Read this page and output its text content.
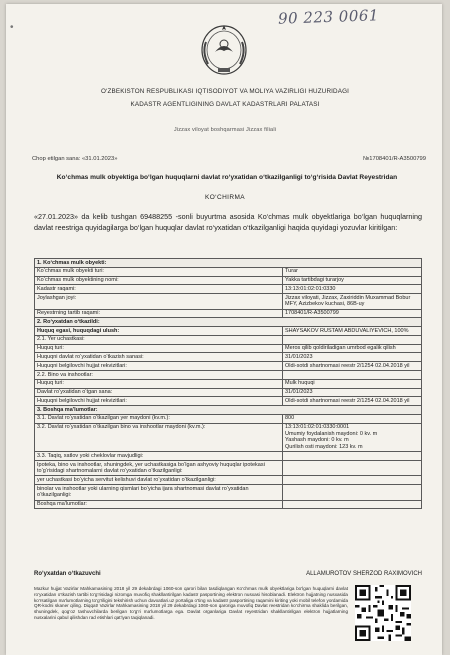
90 223 0061
•
O‘ZBEKISTON RESPUBLIKASI IQTISODIYOT VA MOLIYA VAZIRLIGI HUZURIDAGI
KADASTR AGENTLIGINING DAVLAT KADASTRLARI PALATASI
Jizzax viloyat boshqarmasi Jizzax filiali
Chop etilgan sana: «31.01.2023»	№1708401/R-A3500799
Ko‘chmas mulk obyektiga bo‘lgan huquqlarni davlat ro‘yxatidan o‘tkazilganligi to‘g‘risida Davlat Reyestridan
KO‘CHIRMA
«27.01.2023» da kelib tushgan 69488255 -sonli buyurtma asosida Ko‘chmas mulk obyektlariga bo‘lgan huquqlarning davlat reestriga quyidagilarga bo‘lgan huquqlar davlat ro‘yxatidan o‘tkazilganligi haqida quyidagi yozuvlar kiritilgan:
1. Ko‘chmas mulk obyekti:	
Ko‘chmas mulk obyekti turi:	Turar
Ko‘chmas mulk obyektining nomi:	Yakka tartibdagi turarjoy
Kadastr raqami:	13:13:01:02:01:0330
Joylashgan joyi:	Jizzax viloyati, Jizzax, Zaxiriddin Muxammad Bobur MFY, Azizbekov kuchasi, 86B-uy
Reyestrning tartib raqami:	1708401/R-A3500799
2. Ro‘yxatdan o‘tkazildi:	
Huquq egasi, huquqdagi ulush:	SHAYSAKOV RUSTAM ABDUVALIYEVICH, 100%
2.1. Yer uchastkasi:	
Huquq turi:	Meros qilib qoldiriladigan umrbod egalik qilish
Huquqni davlat ro‘yxatidan o‘tkazish sanasi:	31/01/2023
Huquqni belgilovchi hujjat rekvizitlari:	Oldi-sotdi shartnomasi reestr 2/1254 02.04.2018 yil
2.2. Bino va inshootlar:	
Huquq turi:	Mulk huquqi
Davlat ro‘yxatidan o‘tgan sana:	31/01/2023
Huquqni belgilovchi hujjat rekvizitlari:	Oldi-sotdi shartnomasi reestr 2/1254 02.04.2018 yil
3. Boshqa ma'lumotlar:	
3.1. Davlat ro‘yxatidan o‘tkazilgan yer maydoni (kv.m.):	800
3.2. Davlat ro‘yxatidan o‘tkazilgan bino va inshootlar maydoni (kv.m.):	13:13:01:02:01:0330:0001
Umumiy foydalanish maydoni: 0 kv. m
Yashash maydoni: 0 kv. m
Qurilish osti maydoni: 123 kv. m

3.3. Taqiq, xatlov yoki cheklovlar mavjudligi:	
Ipoteka, bino va inshootlar, shuningdek, yer uchastkasiga bo‘lgan ashyoviy huquqlar ipotekasi to‘g‘risidagi shartnomalarni davlat ro‘yxatidan o‘tkazilganligi:	
yer uchastkasi bo‘yicha servitut kelishuvi davlat ro‘yxatidan o‘tkazilganligi:	
binolar va inshootlar yoki ularning qismlari bo‘yicha ijara shartnomasi davlat ro‘yxatidan o‘tkazilganligi:	
Boshqa ma'lumotlar:	
Ro‘yxatdan o‘tkazuvchi	ALLAMUROTOV SHERZOD RAXIMOVICH
Mazkur hujjat Vazirlar Mahkamasining 2018 yil 29 dekabrdagi 1060-son qarori bilan tasdiqlangan Ko‘chmas mulk obyektlariga bo‘lgan huquqlarni davlat ro‘yxatidan o‘tkazish tartibi to‘g‘risidagi nizomga muvofiq shakllantirilgan kadastr pasportining elektron nusxasi hisoblanadi. Elektron hujjatning nusxasida ko‘rsatilgan ma'lumotlarning to‘g‘riligini tekshirish uchun davxatlari.uz portaliga o‘ting va kadastr pasportining raqamini kiriting yoki mobil telefon yordamida QR-kodni skaner qiling. Diqqat! Vazirlar Mahkamasining 2018 yil 29 dekabrdagi 1060-son qaroriga muvofiq Davlat reestridan ko‘chirma shaklida berilgan, shuningdek, qog‘oz tashuvchilarda berilgan to‘g‘ri ma'lumotlarga ega. Davlat organlariga Davlat reyestridan shakllantirilgan elektron hujjatlarning nusxalarini qabul qilishdan rad etishlari qat'iyan taqiqlanadi.
